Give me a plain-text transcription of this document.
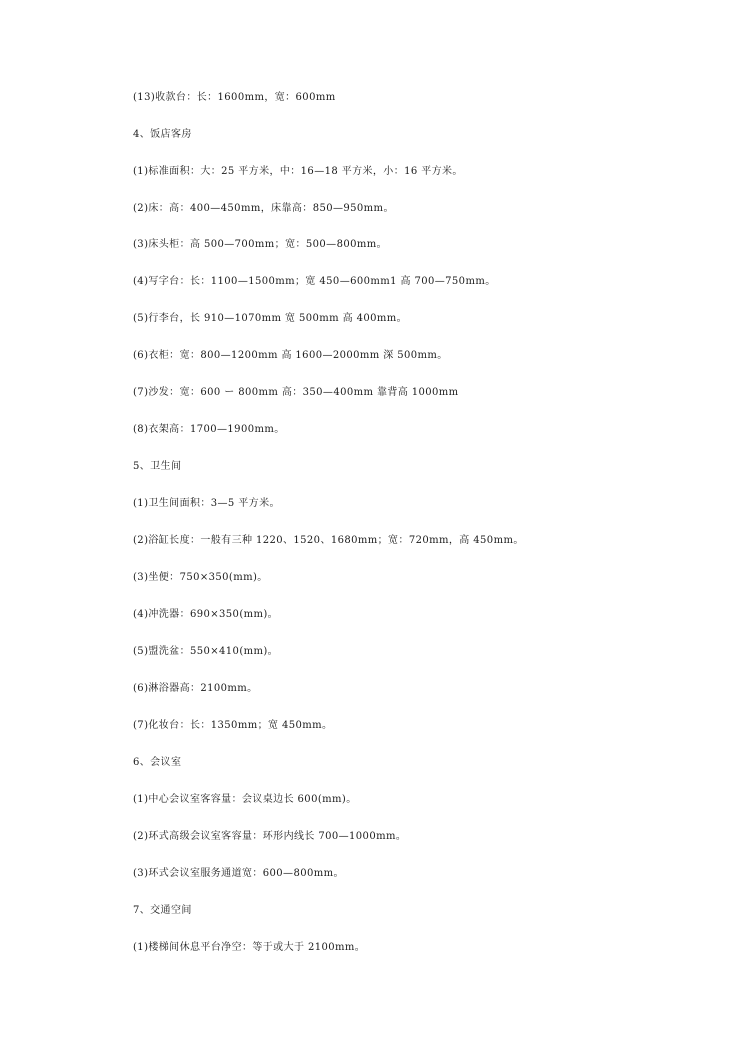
(13)收款台：长：1600mm，宽：600mm
4、饭店客房
(1)标准面积：大：25 平方米，中：16—18 平方米，小：16 平方米。
(2)床：高：400—450mm，床靠高：850—950mm。
(3)床头柜：高 500—700mm；宽：500—800mm。
(4)写字台：长：1100—1500mm；宽 450—600mm1 高 700—750mm。
(5)行李台，长 910—1070mm 宽 500mm 高 400mm。
(6)衣柜：宽：800—1200mm 高 1600—2000mm 深 500mm。
(7)沙发：宽：600 ー 800mm 高：350—400mm 靠背高 1000mm
(8)衣架高：1700—1900mm。
5、卫生间
(1)卫生间面积：3—5 平方米。
(2)浴缸长度：一般有三种 1220、1520、1680mm；宽：720mm，高 450mm。
(3)坐便：750×350(mm)。
(4)冲洗器：690×350(mm)。
(5)盟洗盆：550×410(mm)。
(6)淋浴器高：2100mm。
(7)化妆台：长：1350mm；宽 450mm。
6、会议室
(1)中心会议室客容量：会议桌边长 600(mm)。
(2)环式高级会议室客容量：环形内线长 700—1000mm。
(3)环式会议室服务通道宽：600—800mm。
7、交通空间
(1)楼梯间休息平台净空：等于或大于 2100mm。
